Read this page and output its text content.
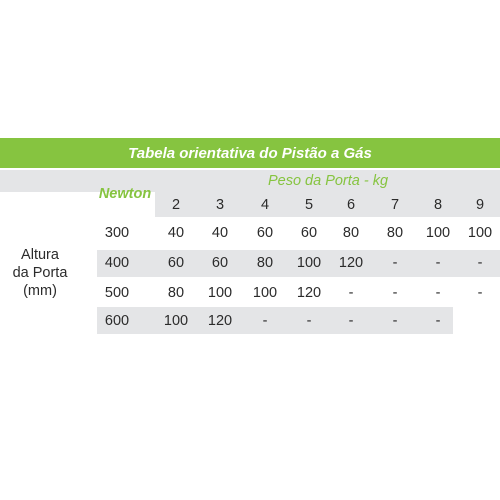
Tabela orientativa do Pistão a Gás
Newton
Peso da Porta - kg
Altura
da Porta
(mm)
2	3	4	5	6	7	8	9
300	40	40	60	60	80	80	100	100
400	60	60	80	100	120	-	-	-
500	80	100	100	120	-	-	-	-
600	100	120	-	-	-	-	-
